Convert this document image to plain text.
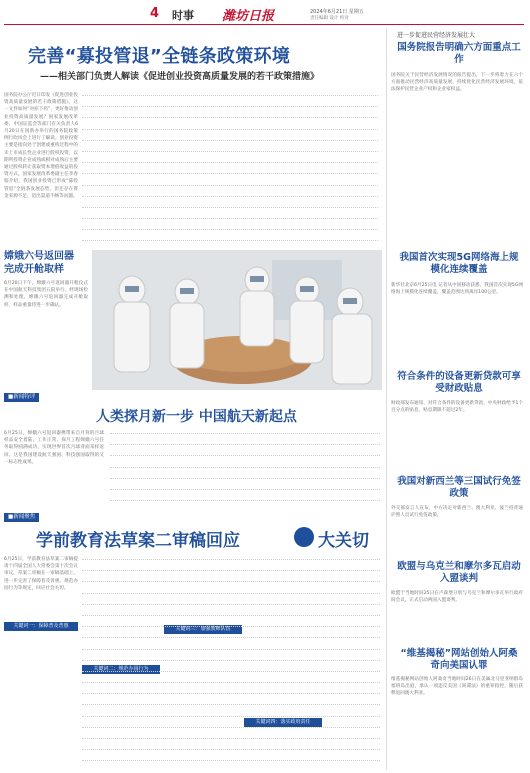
4 时事 潍坊日报	2024年6月21日 星期五
责任编辑 设计 校对
完善“募投管退”全链条政策环境
——相关部门负责人解读《促进创业投资高质量发展的若干政策措施》
国务院办公厅近日印发《促进创业投资高质量发展的若干政策措施》。这一文件如何“对症下药”、更好推动创业投资高质量发展？国家发展改革委、中国证监会等部门有关负责人6月20日在国新办举行的国务院政策例行吹风会上进行了解读。创业投资主要是指向处于创建或重构过程中的未上市成长性企业进行股权投资，以期所投资企业成熟或相对成熟后主要通过股权转让获取资本增值收益的投资方式。国家发展改革委副主任李春临介绍，我国创业投资已形成“募投管退”全链条发展态势，但还存在资金来源不足、退出渠道不畅等问题。
嫦娥六号返回器完成开舱取样
6月20日下午，嫦娥六号返回器开舱仪式在中国航天科技集团五院举行。经现场检测和处理，嫦娥六号返回器完成开舱取样，样品重量待进一步确认。
■新闻特评
人类探月新一步 中国航天新起点
6月25日，嫦娥六号返回器携带来自月背的月球样品安全着陆，工作正常，探月工程嫦娥六号任务取得圆满成功，实现世界首次月球背面采样返回。这是我国建设航天强国、科技强国取得的又一标志性成果。
■新闻聚焦
学前教育法草案二审稿回应	大关切
6月25日，学前教育法草案二审稿提请十四届全国人大常委会第十次会议审议。草案二审稿在一审稿基础上，进一步完善了保障普及普惠、规范办园行为等规定，回应社会关切。
关键词一：保障普及普惠
关键词二：规范办园行为
关键词三：加强教师队伍
关键词四：落实政府责任
进一步促进民营经济发展壮大
国务院报告明确六方面重点工作
国务院关于民营经济发展情况的报告提出，下一步将着力在六个方面推动民营经济高质量发展，持续优化民营经济发展环境，依法保护民营企业产权和企业家权益。
我国首次实现5G网络海上规模化连续覆盖
新华社北京6月25日电 记者从中国移动获悉，我国首次实现5G网络海上规模化连续覆盖，覆盖范围达到离岸100公里。
符合条件的设备更新贷款可享受财政贴息
财政部发布通知，对符合条件的设备更新贷款，中央财政给予1个百分点的贴息，贴息期限不超过2年。
我国对新西兰等三国试行免签政策
外交部发言人宣布，中方决定对新西兰、澳大利亚、波兰持普通护照人员试行免签政策。
欧盟与乌克兰和摩尔多瓦启动入盟谈判
欧盟于当地时间25日在卢森堡分别与乌克兰和摩尔多瓦举行政府间会议，正式启动两国入盟谈判。
“维基揭秘”网站创始人阿桑奇向美国认罪
维基揭秘网站创始人阿桑奇当地时间26日在美属北马里亚纳群岛塞班岛出庭，承认一项违反美国《间谍法》的重罪指控，随后获释返回澳大利亚。
